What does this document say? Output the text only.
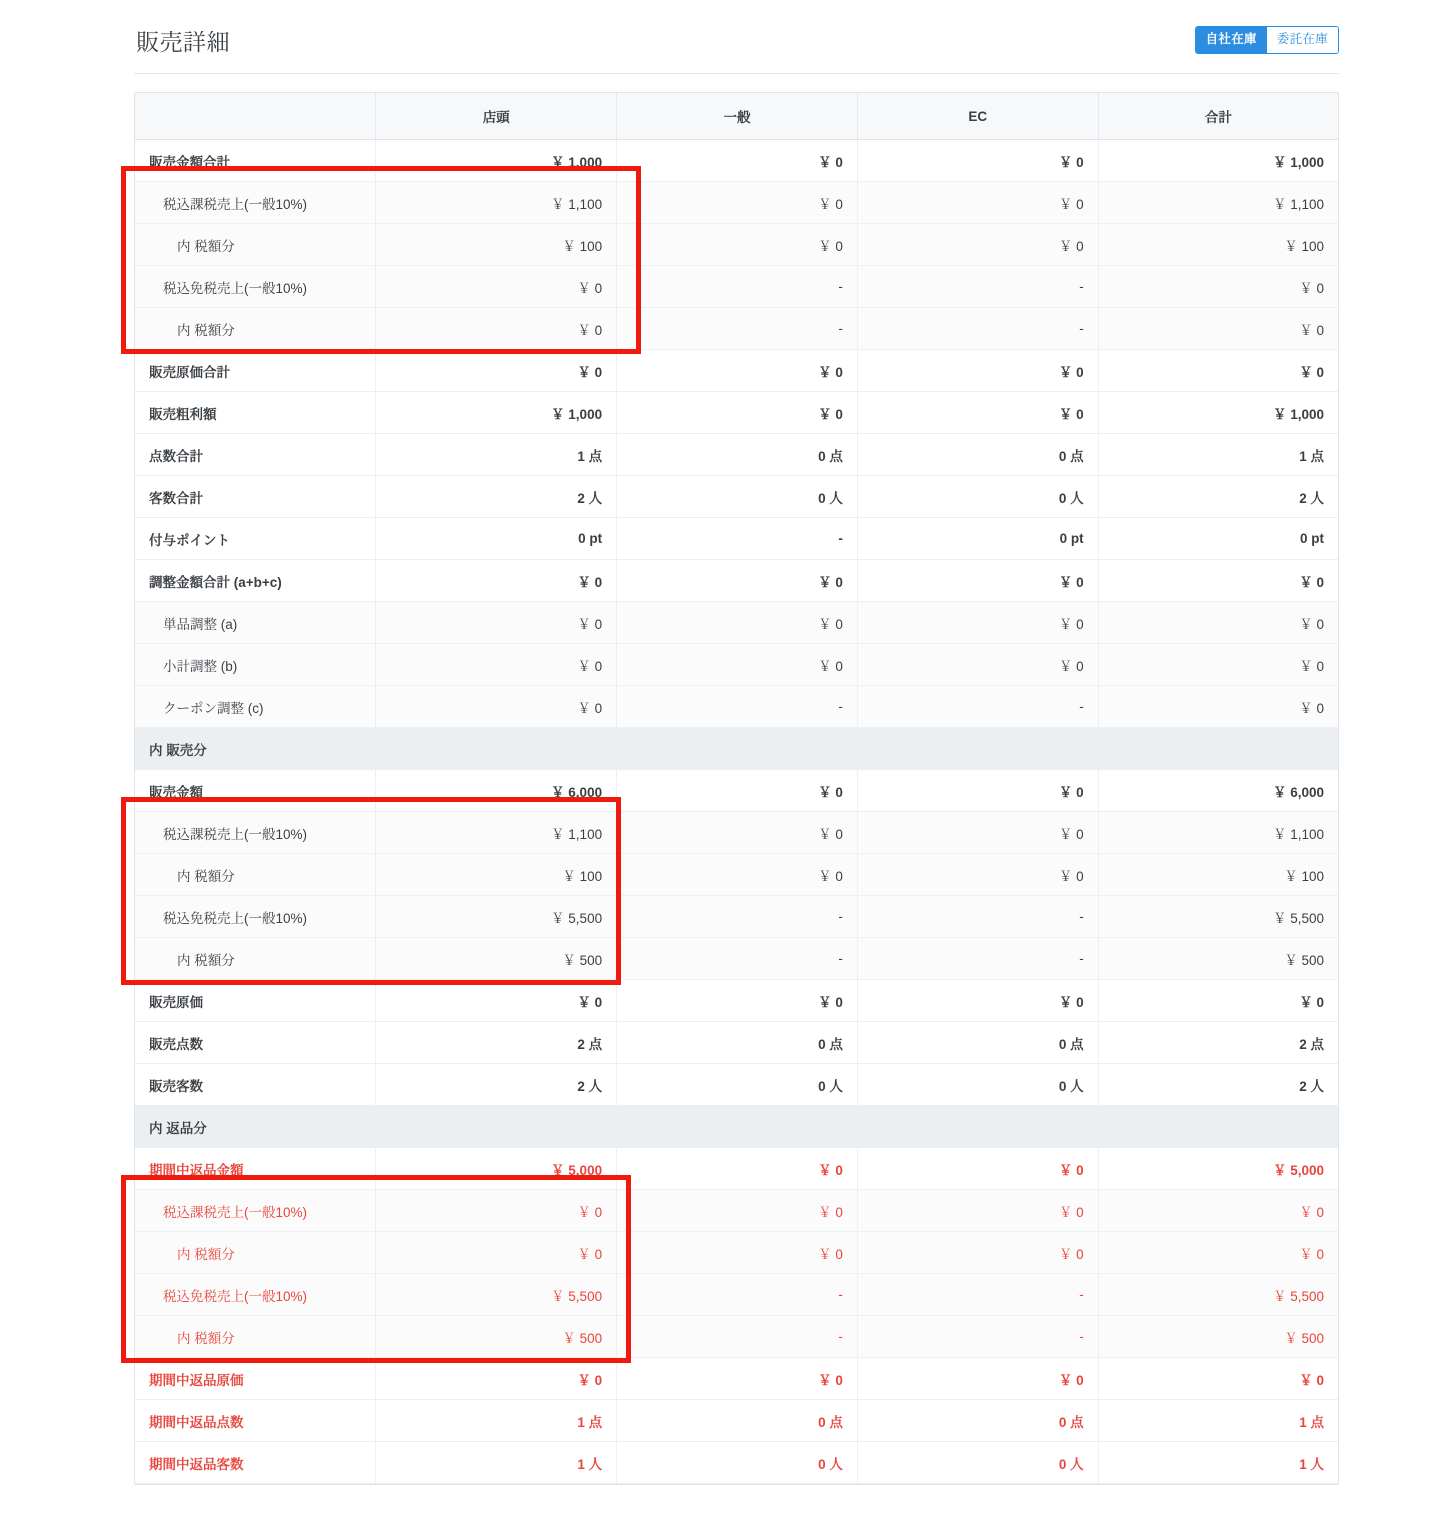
販売詳細	自社在庫	委託在庫
	店頭	一般	EC	合計
販売金額合計	￥ 1,000	￥ 0	￥ 0	￥ 1,000
税込課税売上(一般10%)	￥ 1,100	￥ 0	￥ 0	￥ 1,100
内 税額分	￥ 100	￥ 0	￥ 0	￥ 100
税込免税売上(一般10%)	￥ 0	-	-	￥ 0
内 税額分	￥ 0	-	-	￥ 0
販売原価合計	￥ 0	￥ 0	￥ 0	￥ 0
販売粗利額	￥ 1,000	￥ 0	￥ 0	￥ 1,000
点数合計	1 点	0 点	0 点	1 点
客数合計	2 人	0 人	0 人	2 人
付与ポイント	0 pt	-	0 pt	0 pt
調整金額合計 (a+b+c)	￥ 0	￥ 0	￥ 0	￥ 0
単品調整 (a)	￥ 0	￥ 0	￥ 0	￥ 0
小計調整 (b)	￥ 0	￥ 0	￥ 0	￥ 0
クーポン調整 (c)	￥ 0	-	-	￥ 0
内 販売分				
販売金額	￥ 6,000	￥ 0	￥ 0	￥ 6,000
税込課税売上(一般10%)	￥ 1,100	￥ 0	￥ 0	￥ 1,100
内 税額分	￥ 100	￥ 0	￥ 0	￥ 100
税込免税売上(一般10%)	￥ 5,500	-	-	￥ 5,500
内 税額分	￥ 500	-	-	￥ 500
販売原価	￥ 0	￥ 0	￥ 0	￥ 0
販売点数	2 点	0 点	0 点	2 点
販売客数	2 人	0 人	0 人	2 人
内 返品分				
期間中返品金額	￥ 5,000	￥ 0	￥ 0	￥ 5,000
税込課税売上(一般10%)	￥ 0	￥ 0	￥ 0	￥ 0
内 税額分	￥ 0	￥ 0	￥ 0	￥ 0
税込免税売上(一般10%)	￥ 5,500	-	-	￥ 5,500
内 税額分	￥ 500	-	-	￥ 500
期間中返品原価	￥ 0	￥ 0	￥ 0	￥ 0
期間中返品点数	1 点	0 点	0 点	1 点
期間中返品客数	1 人	0 人	0 人	1 人
